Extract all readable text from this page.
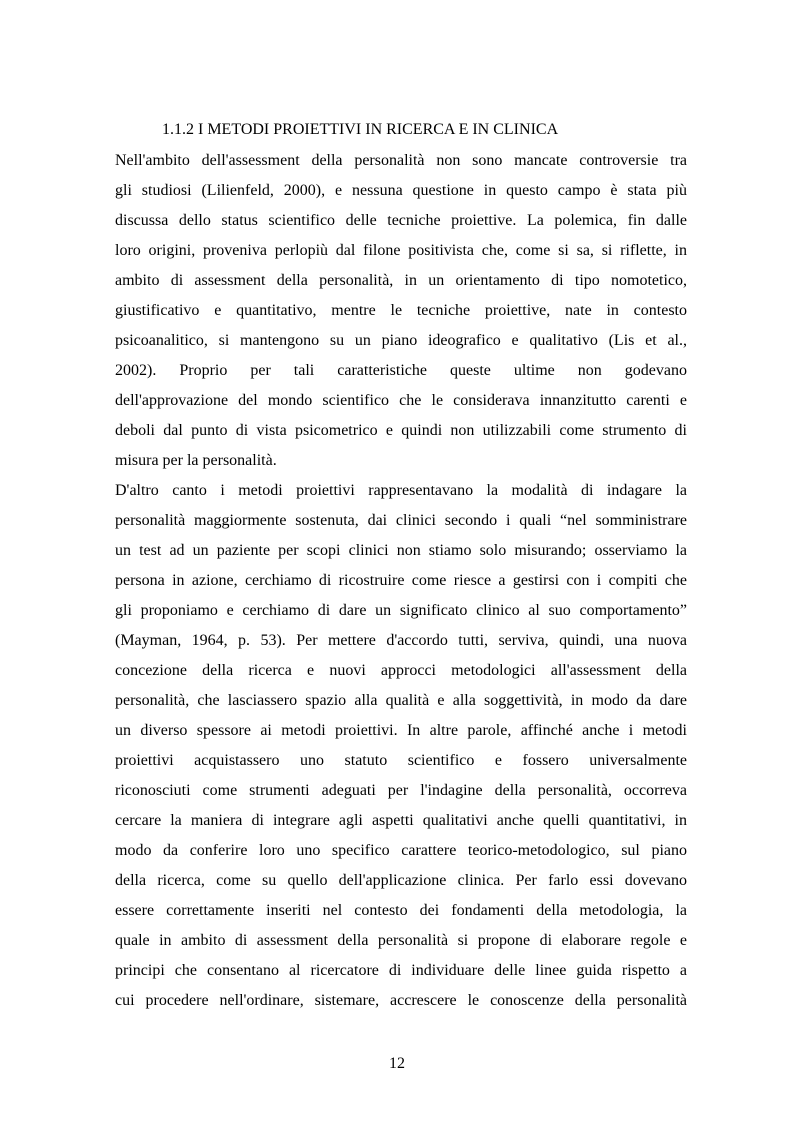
1.1.2 I METODI PROIETTIVI IN RICERCA E IN CLINICA
Nell'ambito dell'assessment della personalità non sono mancate controversie tra
gli studiosi (Lilienfeld, 2000), e nessuna questione in questo campo è stata più
discussa dello status scientifico delle tecniche proiettive. La polemica, fin dalle
loro origini, proveniva perlopiù dal filone positivista che, come si sa, si riflette, in
ambito di assessment della personalità, in un orientamento di tipo nomotetico,
giustificativo e quantitativo, mentre le tecniche proiettive, nate in contesto
psicoanalitico, si mantengono su un piano ideografico e qualitativo (Lis et al.,
2002). Proprio per tali caratteristiche queste ultime non godevano
dell'approvazione del mondo scientifico che le considerava innanzitutto carenti e
deboli dal punto di vista psicometrico e quindi non utilizzabili come strumento di
misura per la personalità.
D'altro canto i metodi proiettivi rappresentavano la modalità di indagare la
personalità maggiormente sostenuta, dai clinici secondo i quali “nel somministrare
un test ad un paziente per scopi clinici non stiamo solo misurando; osserviamo la
persona in azione, cerchiamo di ricostruire come riesce a gestirsi con i compiti che
gli proponiamo e cerchiamo di dare un significato clinico al suo comportamento”
(Mayman, 1964, p. 53). Per mettere d'accordo tutti, serviva, quindi, una nuova
concezione della ricerca e nuovi approcci metodologici all'assessment della
personalità, che lasciassero spazio alla qualità e alla soggettività, in modo da dare
un diverso spessore ai metodi proiettivi. In altre parole, affinché anche i metodi
proiettivi acquistassero uno statuto scientifico e fossero universalmente
riconosciuti come strumenti adeguati per l'indagine della personalità, occorreva
cercare la maniera di integrare agli aspetti qualitativi anche quelli quantitativi, in
modo da conferire loro uno specifico carattere teorico-metodologico, sul piano
della ricerca, come su quello dell'applicazione clinica. Per farlo essi dovevano
essere correttamente inseriti nel contesto dei fondamenti della metodologia, la
quale in ambito di assessment della personalità si propone di elaborare regole e
principi che consentano al ricercatore di individuare delle linee guida rispetto a
cui procedere nell'ordinare, sistemare, accrescere le conoscenze della personalità
12
